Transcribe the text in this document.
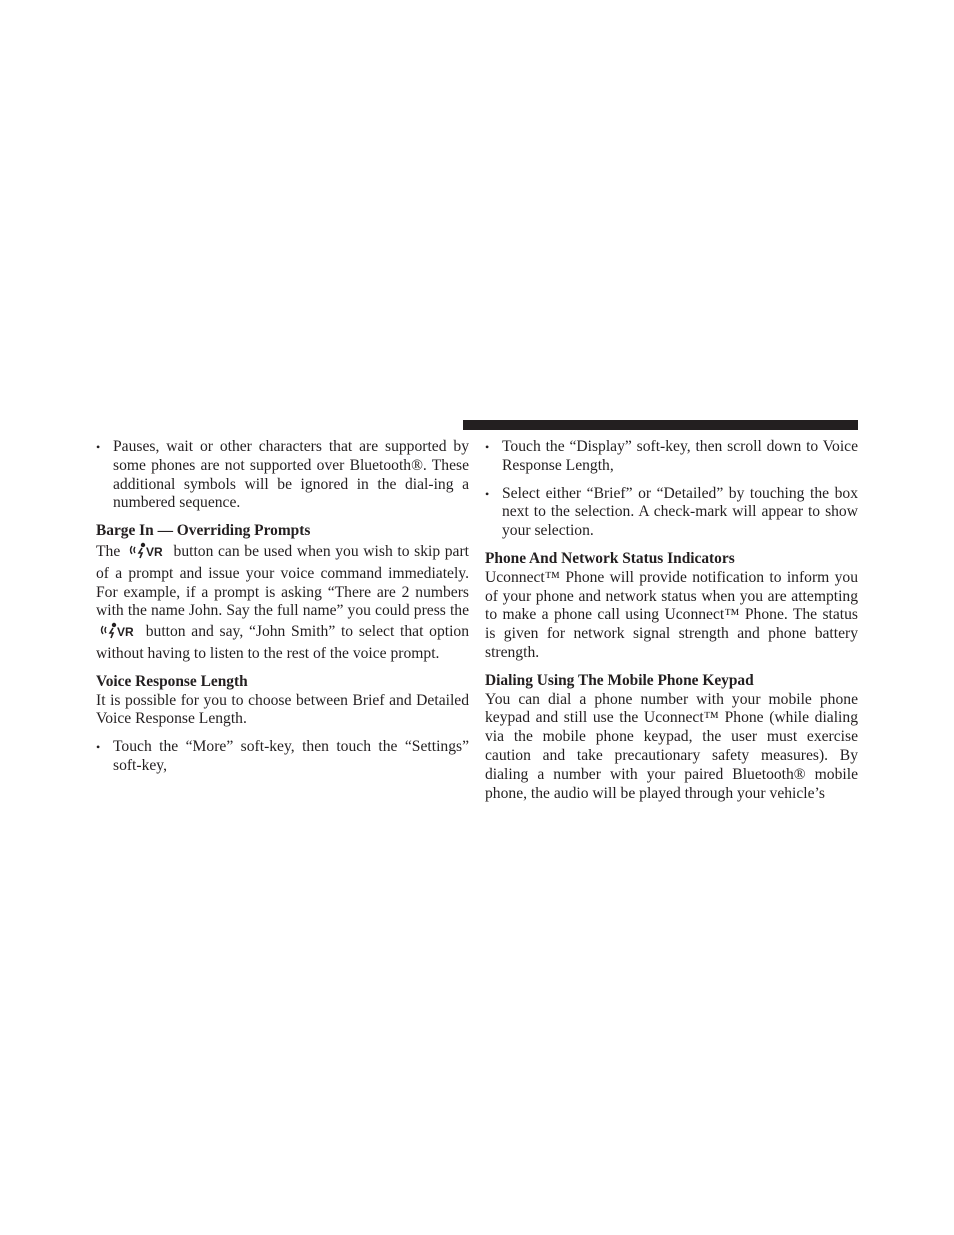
• Pauses, wait or other characters that are supported by some phones are not supported over Bluetooth®. These additional symbols will be ignored in the dial-ing a numbered sequence.
Barge In — Overriding Prompts

The VR button can be used when you wish to skip part of a prompt and issue your voice command immediately. For example, if a prompt is asking “There are 2 numbers with the name John. Say the full name” you could press the
VR button and say, “John Smith” to select that option without having to listen to the rest of the voice prompt.

Voice Response Length

It is possible for you to choose between Brief and Detailed Voice Response Length.

• Touch the “More” soft-key, then touch the “Settings” soft-key,
• Touch the “Display” soft-key, then scroll down to Voice Response Length,
• Select either “Brief” or “Detailed” by touching the box next to the selection. A check-mark will appear to show your selection.
Phone And Network Status Indicators

Uconnect™ Phone will provide notification to inform you of your phone and network status when you are attempting to make a phone call using Uconnect™ Phone. The status is given for network signal strength and phone battery strength.

Dialing Using The Mobile Phone Keypad

You can dial a phone number with your mobile phone keypad and still use the Uconnect™ Phone (while dialing via the mobile phone keypad, the user must exercise caution and take precautionary safety measures). By dialing a number with your paired Bluetooth® mobile phone, the audio will be played through your vehicle’s
